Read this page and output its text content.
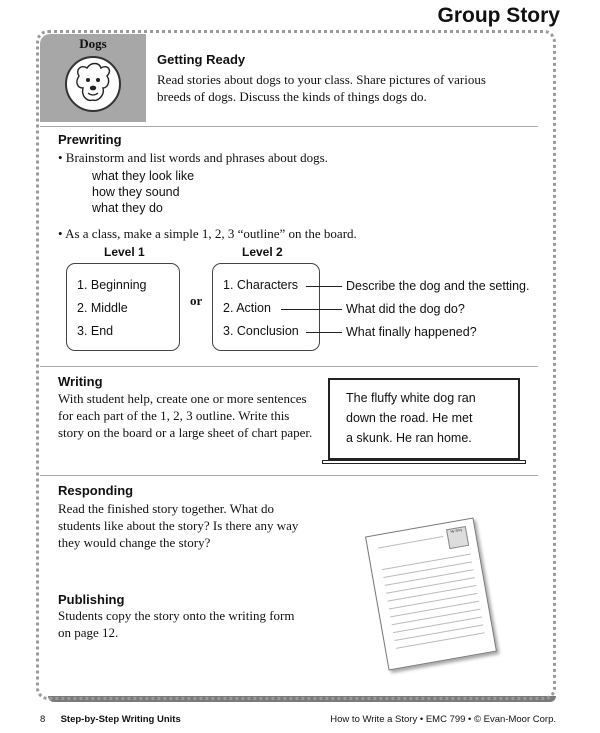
Group Story
Dogs
Getting Ready
Read stories about dogs to your class. Share pictures of various
breeds of dogs. Discuss the kinds of things dogs do.
Prewriting
• Brainstorm and list words and phrases about dogs.
what they look like
how they sound
what they do
• As a class, make a simple 1, 2, 3 “outline” on the board.
Level 1	Level 2
1. Beginning
2. Middle
3. End
or
1. Characters
2. Action
3. Conclusion
Describe the dog and the setting.
What did the dog do?
What finally happened?
Writing
With student help, create one or more sentences
for each part of the 1, 2, 3 outline. Write this
story on the board or a large sheet of chart paper.
The fluffy white dog ran
down the road. He met
a skunk. He ran home.
Responding
Read the finished story together. What do
students like about the story? Is there any way
they would change the story?
Publishing
Students copy the story onto the writing form
on page 12.
My Story
8 Step-by-Step Writing Units	How to Write a Story • EMC 799 • © Evan-Moor Corp.
